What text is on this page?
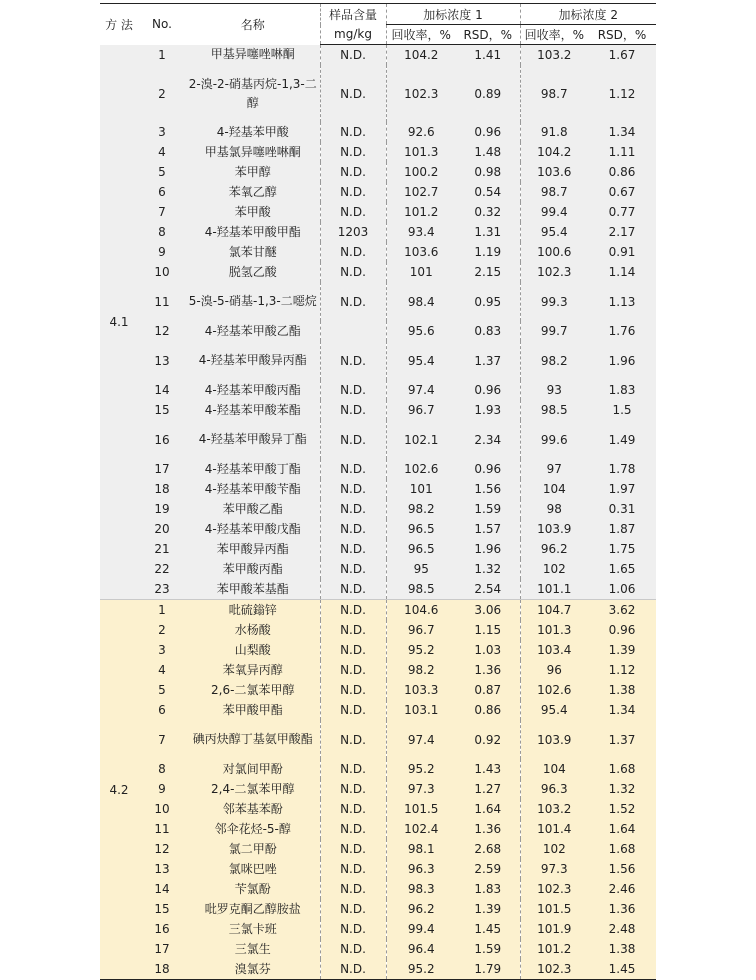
方 法	No.	名称	样品含量	加标浓度 1		加标浓度 2	
			mg/kg	回收率，%	RSD，%	回收率，%	RSD，%
4.1	1	甲基异噻唑啉酮	N.D.	104.2	1.41	103.2	1.67
	2	2-溴-2-硝基丙烷-1,3-二醇	N.D.	102.3	0.89	98.7	1.12
	3	4-羟基苯甲酸	N.D.	92.6	0.96	91.8	1.34
	4	甲基氯异噻唑啉酮	N.D.	101.3	1.48	104.2	1.11
	5	苯甲醇	N.D.	100.2	0.98	103.6	0.86
	6	苯氧乙醇	N.D.	102.7	0.54	98.7	0.67
	7	苯甲酸	N.D.	101.2	0.32	99.4	0.77
	8	4-羟基苯甲酸甲酯	1203	93.4	1.31	95.4	2.17
	9	氯苯甘醚	N.D.	103.6	1.19	100.6	0.91
	10	脱氢乙酸	N.D.	101	2.15	102.3	1.14
	11	5-溴-5-硝基-1,3-二噁烷	N.D.	98.4	0.95	99.3	1.13
	12	4-羟基苯甲酸乙酯		95.6	0.83	99.7	1.76
	13	4-羟基苯甲酸异丙酯	N.D.	95.4	1.37	98.2	1.96
	14	4-羟基苯甲酸丙酯	N.D.	97.4	0.96	93	1.83
	15	4-羟基苯甲酸苯酯	N.D.	96.7	1.93	98.5	1.5
	16	4-羟基苯甲酸异丁酯	N.D.	102.1	2.34	99.6	1.49
	17	4-羟基苯甲酸丁酯	N.D.	102.6	0.96	97	1.78
	18	4-羟基苯甲酸苄酯	N.D.	101	1.56	104	1.97
	19	苯甲酸乙酯	N.D.	98.2	1.59	98	0.31
	20	4-羟基苯甲酸戊酯	N.D.	96.5	1.57	103.9	1.87
	21	苯甲酸异丙酯	N.D.	96.5	1.96	96.2	1.75
	22	苯甲酸丙酯	N.D.	95	1.32	102	1.65
	23	苯甲酸苯基酯	N.D.	98.5	2.54	101.1	1.06
4.2	1	吡硫鎓锌	N.D.	104.6	3.06	104.7	3.62
	2	水杨酸	N.D.	96.7	1.15	101.3	0.96
	3	山梨酸	N.D.	95.2	1.03	103.4	1.39
	4	苯氧异丙醇	N.D.	98.2	1.36	96	1.12
	5	2,6-二氯苯甲醇	N.D.	103.3	0.87	102.6	1.38
	6	苯甲酸甲酯	N.D.	103.1	0.86	95.4	1.34
	7	碘丙炔醇丁基氨甲酸酯	N.D.	97.4	0.92	103.9	1.37
	8	对氯间甲酚	N.D.	95.2	1.43	104	1.68
	9	2,4-二氯苯甲醇	N.D.	97.3	1.27	96.3	1.32
	10	邻苯基苯酚	N.D.	101.5	1.64	103.2	1.52
	11	邻伞花烃-5-醇	N.D.	102.4	1.36	101.4	1.64
	12	氯二甲酚	N.D.	98.1	2.68	102	1.68
	13	氯咪巴唑	N.D.	96.3	2.59	97.3	1.56
	14	苄氯酚	N.D.	98.3	1.83	102.3	2.46
	15	吡罗克酮乙醇胺盐	N.D.	96.2	1.39	101.5	1.36
	16	三氯卡班	N.D.	99.4	1.45	101.9	2.48
	17	三氯生	N.D.	96.4	1.59	101.2	1.38
	18	溴氯芬	N.D.	95.2	1.79	102.3	1.45
